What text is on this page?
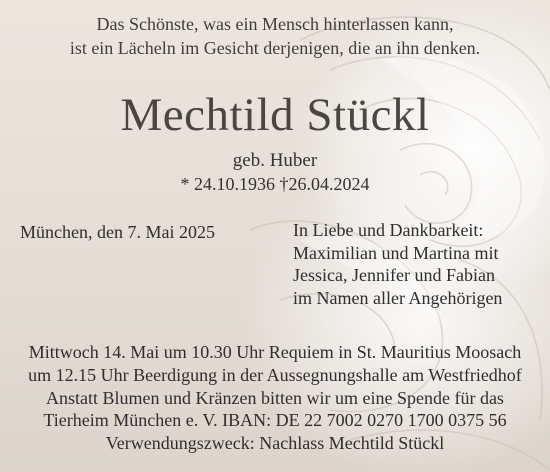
Das Schönste, was ein Mensch hinterlassen kann,
ist ein Lächeln im Gesicht derjenigen, die an ihn denken.
Mechtild Stückl
geb. Huber
* 24.10.1936 †26.04.2024
München, den 7. Mai 2025	In Liebe und Dankbarkeit:
Maximilian und Martina mit
Jessica, Jennifer und Fabian
im Namen aller Angehörigen
Mittwoch 14. Mai um 10.30 Uhr Requiem in St. Mauritius Moosach
um 12.15 Uhr Beerdigung in der Aussegnungshalle am Westfriedhof
Anstatt Blumen und Kränzen bitten wir um eine Spende für das
Tierheim München e. V. IBAN: DE 22 7002 0270 1700 0375 56
Verwendungszweck: Nachlass Mechtild Stückl
